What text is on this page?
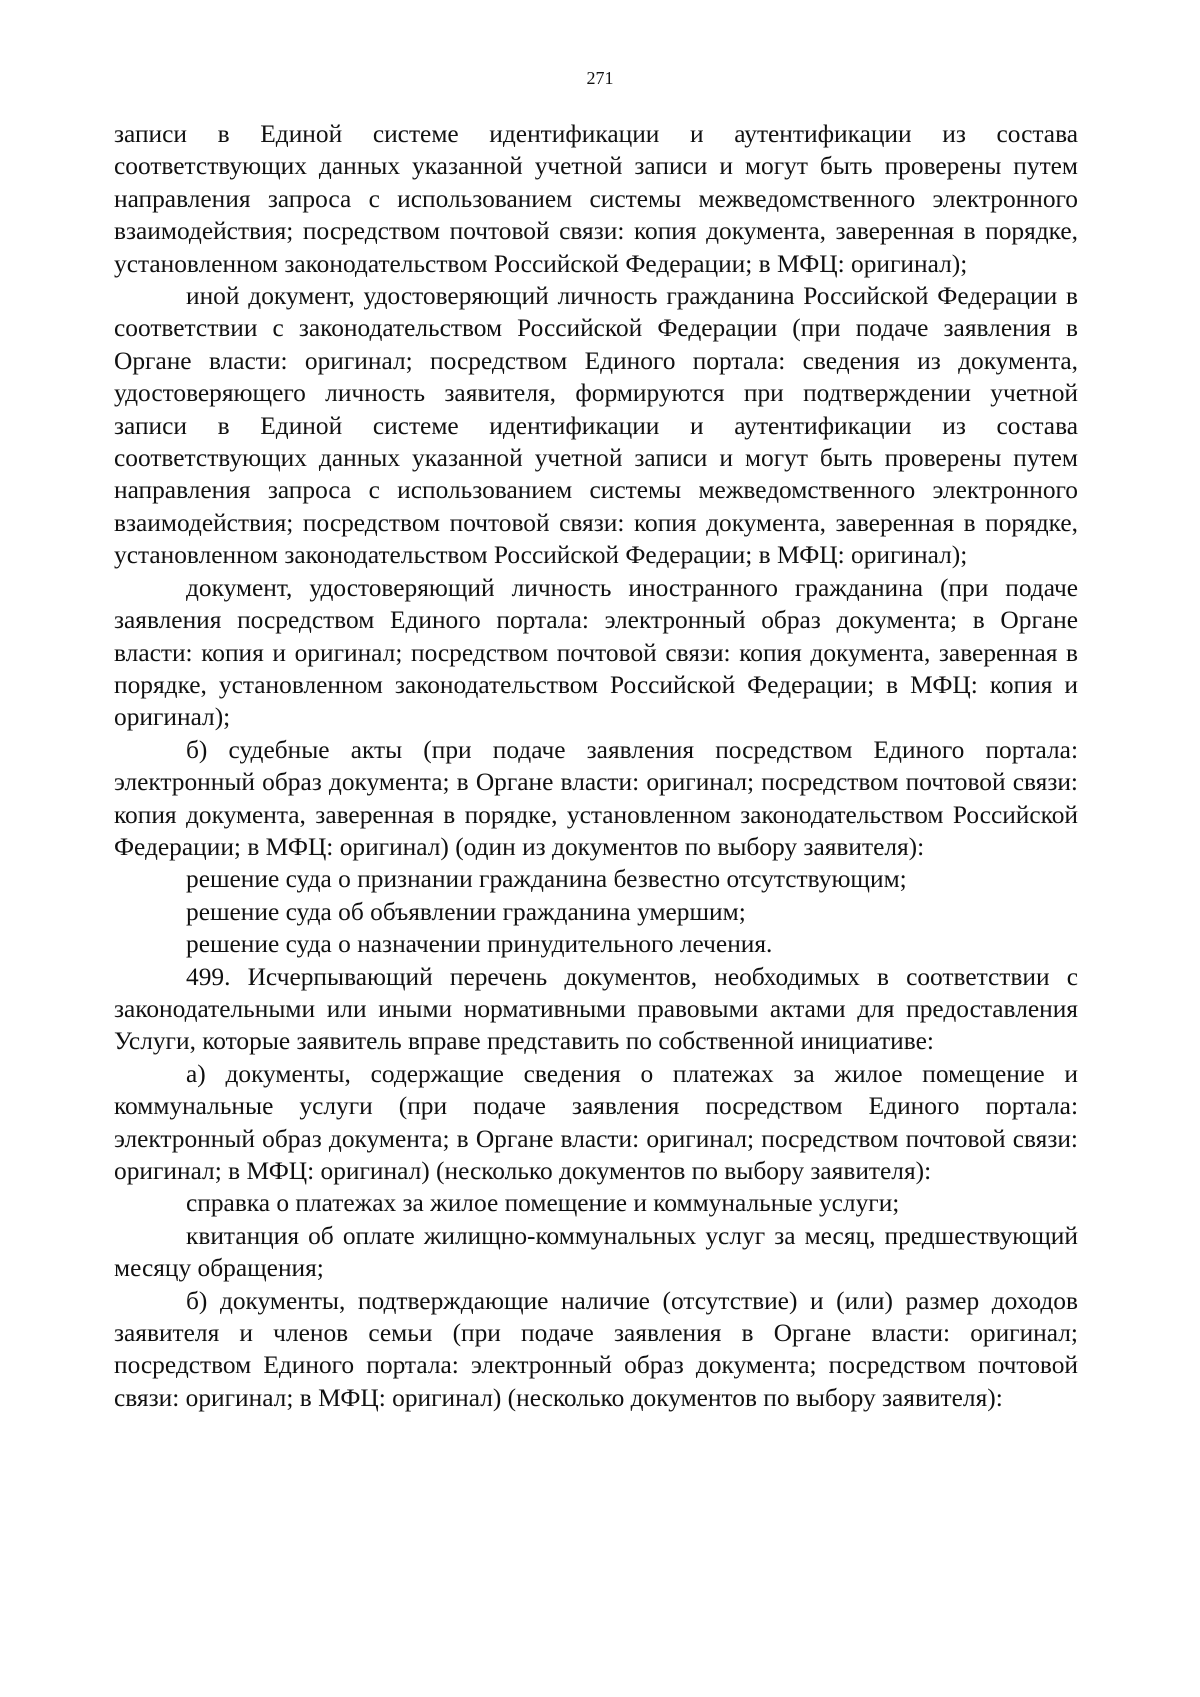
271

записи в Единой системе идентификации и аутентификации из состава соответствующих данных указанной учетной записи и могут быть проверены путем направления запроса с использованием системы межведомственного электронного взаимодействия; посредством почтовой связи: копия документа, заверенная в порядке, установленном законодательством Российской Федерации; в МФЦ: оригинал);

иной документ, удостоверяющий личность гражданина Российской Федерации в соответствии с законодательством Российской Федерации (при подаче заявления в Органе власти: оригинал; посредством Единого портала: сведения из документа, удостоверяющего личность заявителя, формируются при подтверждении учетной записи в Единой системе идентификации и аутентификации из состава соответствующих данных указанной учетной записи и могут быть проверены путем направления запроса с использованием системы межведомственного электронного взаимодействия; посредством почтовой связи: копия документа, заверенная в порядке, установленном законодательством Российской Федерации; в МФЦ: оригинал);

документ, удостоверяющий личность иностранного гражданина (при подаче заявления посредством Единого портала: электронный образ документа; в Органе власти: копия и оригинал; посредством почтовой связи: копия документа, заверенная в порядке, установленном законодательством Российской Федерации; в МФЦ: копия и оригинал);

б) судебные акты (при подаче заявления посредством Единого портала: электронный образ документа; в Органе власти: оригинал; посредством почтовой связи: копия документа, заверенная в порядке, установленном законодательством Российской Федерации; в МФЦ: оригинал) (один из документов по выбору заявителя):

решение суда о признании гражданина безвестно отсутствующим;

решение суда об объявлении гражданина умершим;

решение суда о назначении принудительного лечения.

499. Исчерпывающий перечень документов, необходимых в соответствии с законодательными или иными нормативными правовыми актами для предоставления Услуги, которые заявитель вправе представить по собственной инициативе:

а) документы, содержащие сведения о платежах за жилое помещение и коммунальные услуги (при подаче заявления посредством Единого портала: электронный образ документа; в Органе власти: оригинал; посредством почтовой связи: оригинал; в МФЦ: оригинал) (несколько документов по выбору заявителя):

справка о платежах за жилое помещение и коммунальные услуги;

квитанция об оплате жилищно-коммунальных услуг за месяц, предшествующий месяцу обращения;

б) документы, подтверждающие наличие (отсутствие) и (или) размер доходов заявителя и членов семьи (при подаче заявления в Органе власти: оригинал; посредством Единого портала: электронный образ документа; посредством почтовой связи: оригинал; в МФЦ: оригинал) (несколько документов по выбору заявителя):
